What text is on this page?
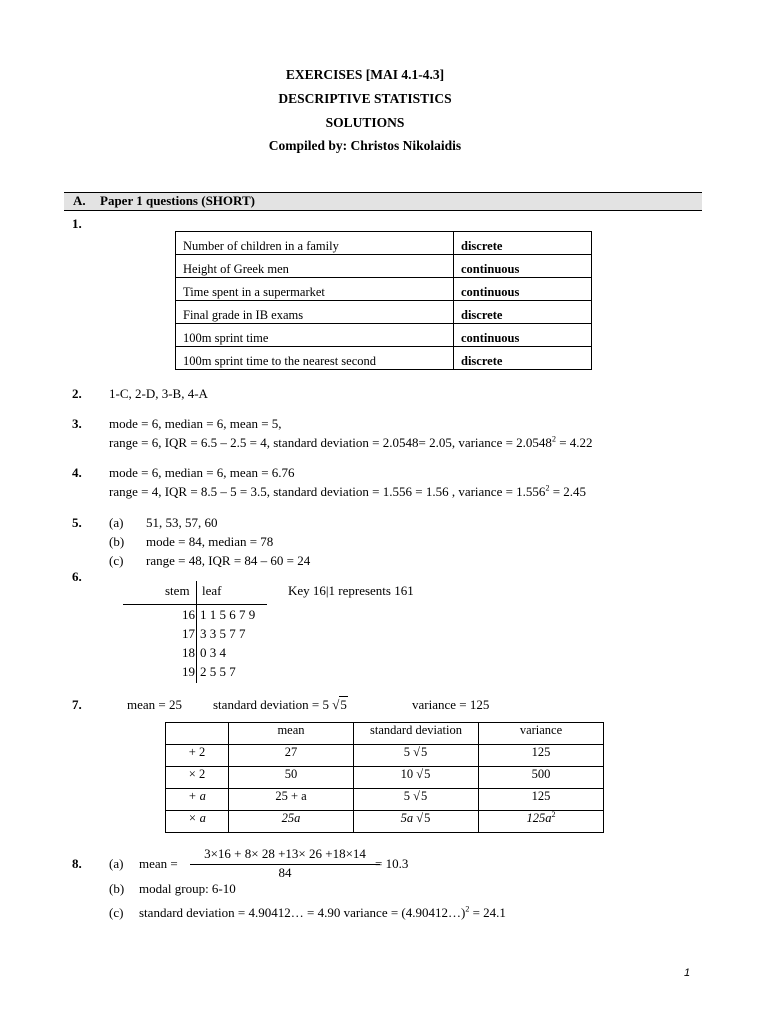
EXERCISES [MAI 4.1-4.3]
DESCRIPTIVE STATISTICS
SOLUTIONS
Compiled by: Christos Nikolaidis
A. Paper 1 questions (SHORT)
1.
Number of children in a family	discrete
Height of Greek men	continuous
Time spent in a supermarket	continuous
Final grade in IB exams	discrete
100m sprint time	continuous
100m sprint time to the nearest second	discrete
2. 1-C, 2-D, 3-B, 4-A
3. mode = 6, median = 6, mean = 5,
range = 6, IQR = 6.5 – 2.5 = 4, standard deviation = 2.0548= 2.05, variance = $2.0548^2 = 4.22$
4. mode = 6, median = 6, mean = 6.76
range = 4, IQR = 8.5 – 5 = 3.5, standard deviation = 1.556 = 1.56 , variance = $1.556^2 = 2.45$
5. (a) 51, 53, 57, 60
(b) mode = 84, median = 78
(c) range = 48, IQR = 84 – 60 = 24
6.
stem leaf	Key 16|1 represents 161
16 1 1 5 6 7 9
17 3 3 5 7 7
18 0 3 4
19 2 5 5 7
7.	mean = 25 standard deviation = 5 √5	variance = 125
	mean	standard deviation	variance
+ 2	27	5 √5	125
× 2	50	10 √5	500
+ a	25 + a	5 √5	125
× a	25a	5a √5	$125a^2$
8. (a) mean = $\frac{3\times 16 + 8\times 28 +13\times 26 +18\times 14}{84}$
= 10.3
(b) modal group: 6-10
(c) standard deviation = 4.90412… = 4.90 variance = (4.90412…)$^2$ = 24.1
1
